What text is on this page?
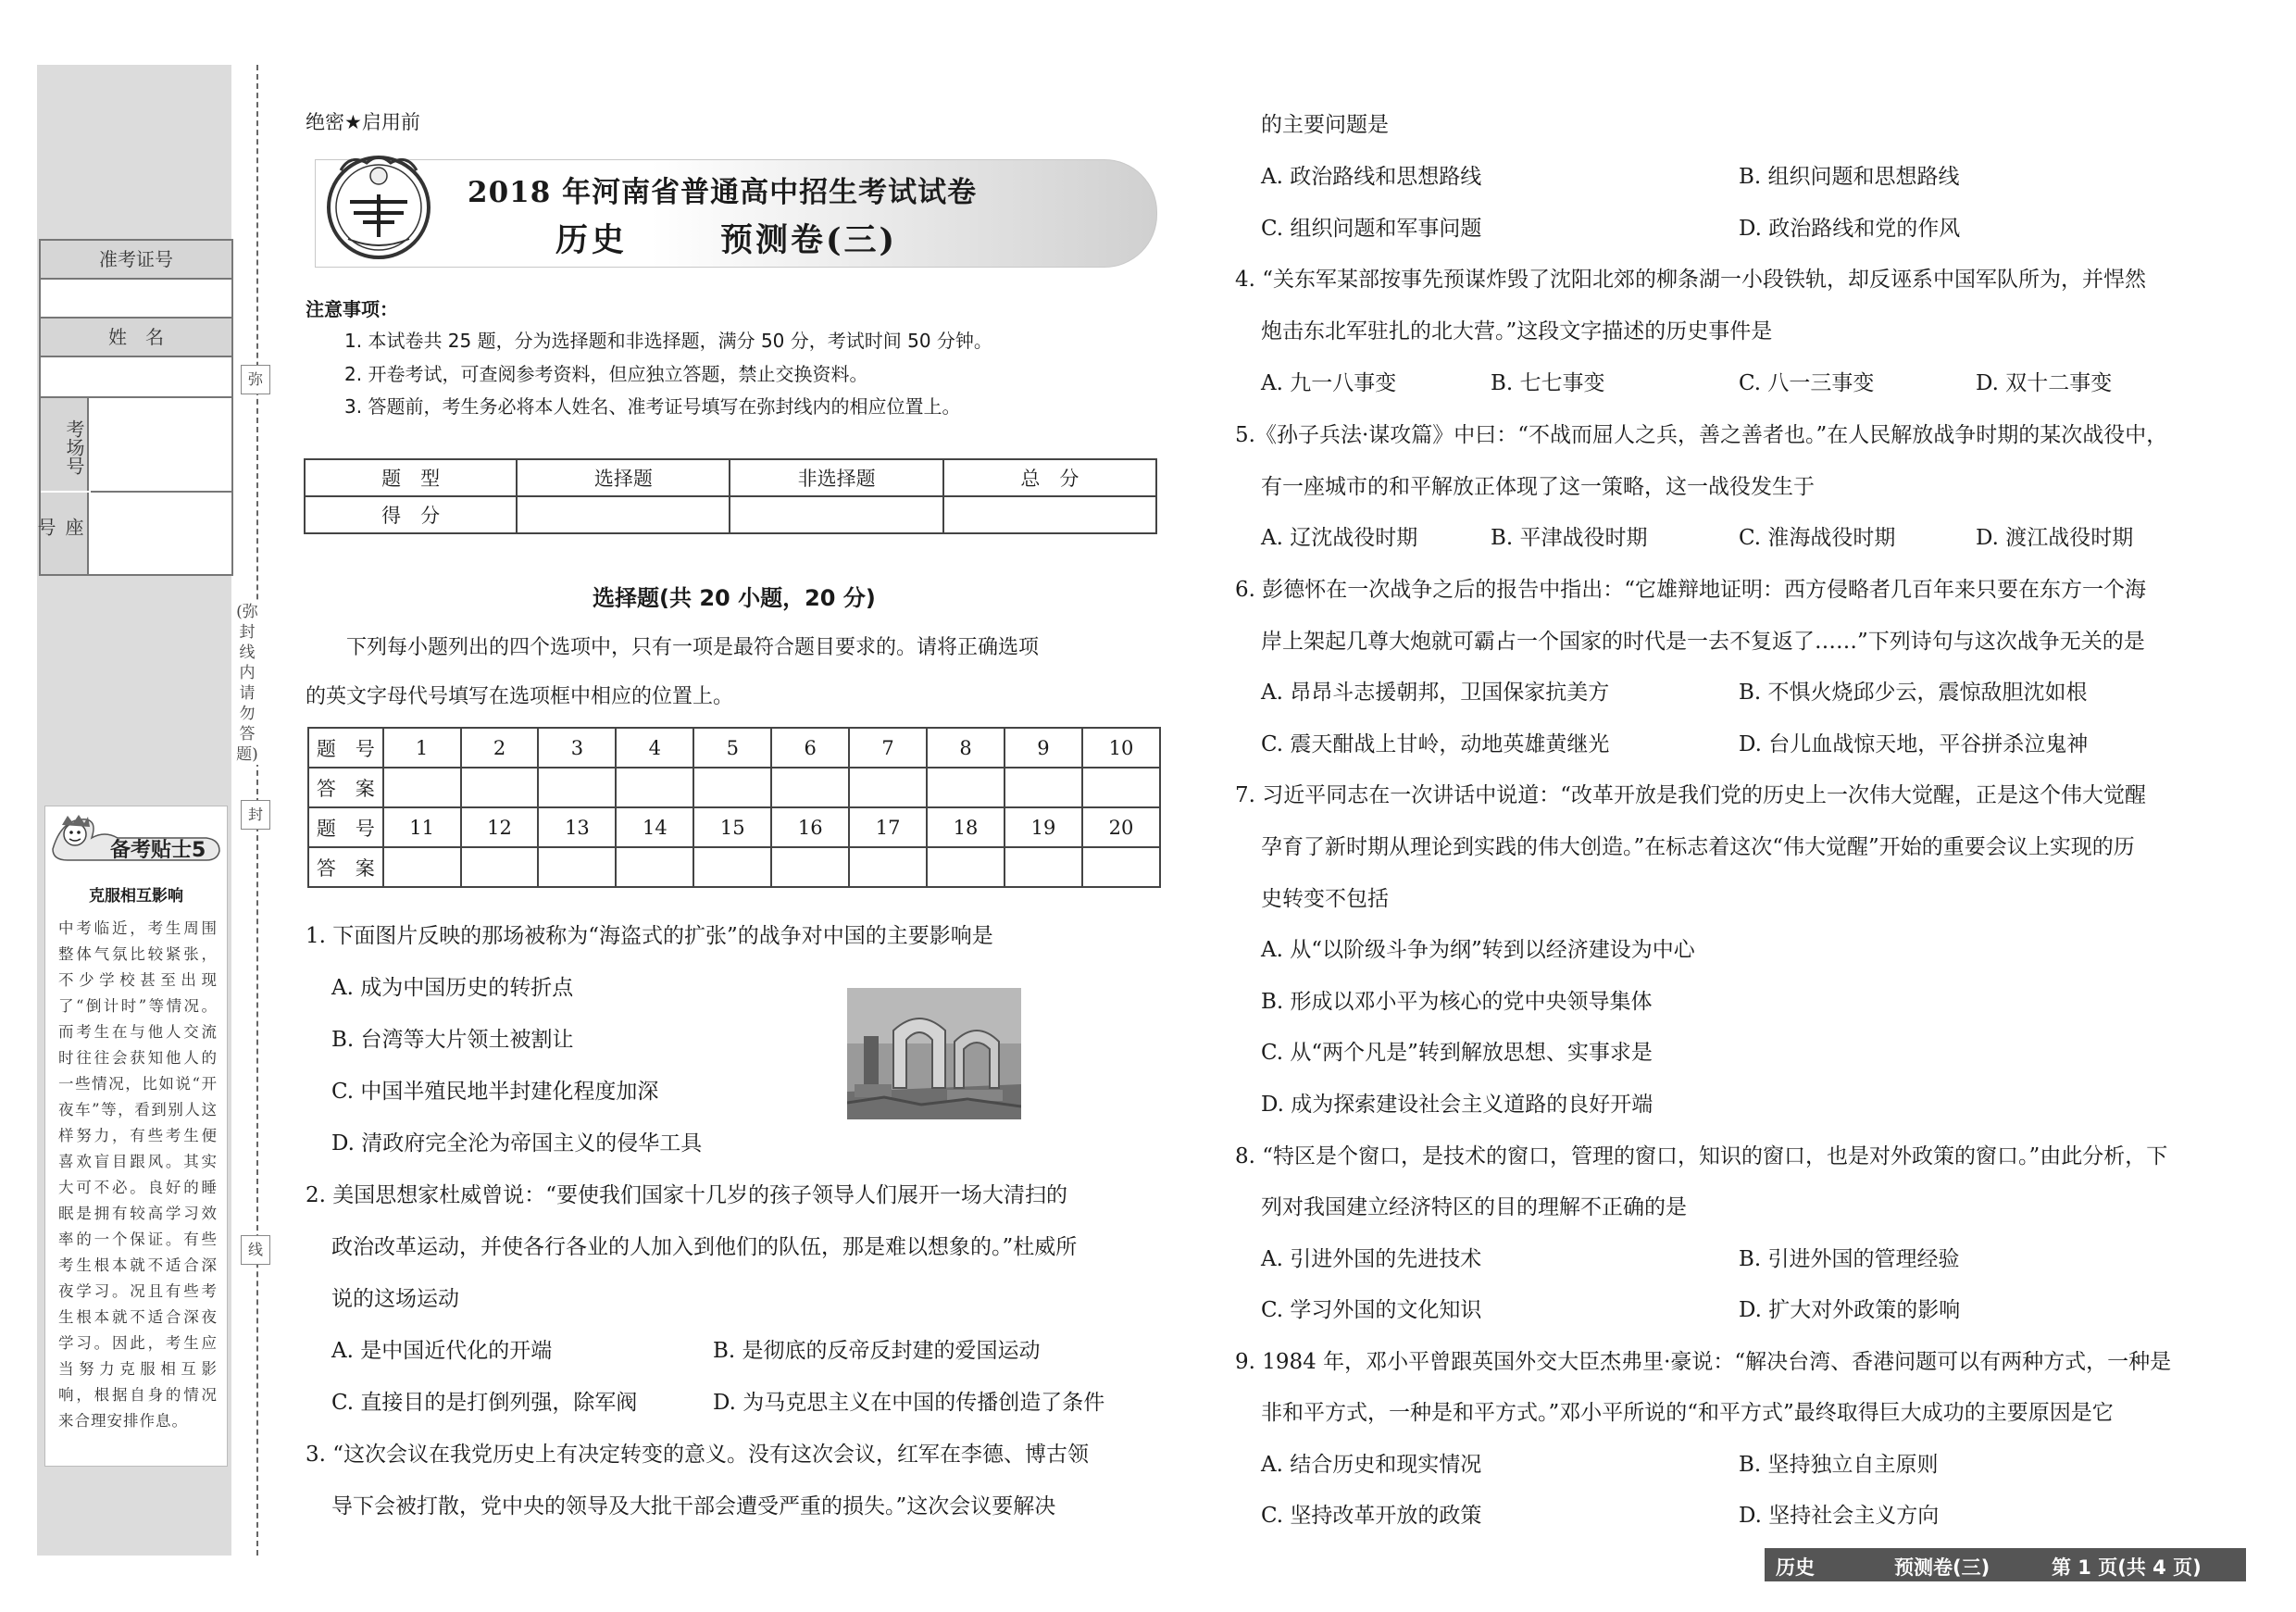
准考证号
姓　名
考场号
座号
备考贴士5
克服相互影响
中考临近，考生周围整体气氛比较紧张，不少学校甚至出现了“倒计时”等情况。而考生在与他人交流时往往会获知他人的一些情况，比如说“开夜车”等，看到别人这样努力，有些考生便喜欢盲目跟风。其实大可不必。良好的睡眠是拥有较高学习效率的一个保证。有些考生根本就不适合深夜学习。况且有些考生根本就不适合深夜学习。因此，考生应当努力克服相互影响，根据自身的情况来合理安排作息。
弥
封
线
(弥封线内请勿答题)
绝密★启用前
2018 年河南省普通高中招生考试试卷
历史	预测卷(三)
注意事项：
1. 本试卷共 25 题，分为选择题和非选择题，满分 50 分，考试时间 50 分钟。
2. 开卷考试，可查阅参考资料，但应独立答题，禁止交换资料。
3. 答题前，考生务必将本人姓名、准考证号填写在弥封线内的相应位置上。
题　型	选择题	非选择题	总　分
得　分			
选择题(共 20 小题，20 分)
下列每小题列出的四个选项中，只有一项是最符合题目要求的。请将正确选项
的英文字母代号填写在选项框中相应的位置上。
题　号	1	2	3	4	5	6	7	8	9	10
答　案										
题　号	11	12	13	14	15	16	17	18	19	20
答　案										
1. 下面图片反映的那场被称为“海盗式的扩张”的战争对中国的主要影响是
A. 成为中国历史的转折点
B. 台湾等大片领土被割让
C. 中国半殖民地半封建化程度加深
D. 清政府完全沦为帝国主义的侵华工具
2. 美国思想家杜威曾说：“要使我们国家十几岁的孩子领导人们展开一场大清扫的
政治改革运动，并使各行各业的人加入到他们的队伍，那是难以想象的。”杜威所
说的这场运动
A. 是中国近代化的开端	B. 是彻底的反帝反封建的爱国运动
C. 直接目的是打倒列强，除军阀	D. 为马克思主义在中国的传播创造了条件
3. “这次会议在我党历史上有决定转变的意义。没有这次会议，红军在李德、博古领
导下会被打散，党中央的领导及大批干部会遭受严重的损失。”这次会议要解决
的主要问题是
A. 政治路线和思想路线	B. 组织问题和思想路线
C. 组织问题和军事问题	D. 政治路线和党的作风
4. “关东军某部按事先预谋炸毁了沈阳北郊的柳条湖一小段铁轨，却反诬系中国军队所为，并悍然
炮击东北军驻扎的北大营。”这段文字描述的历史事件是
A. 九一八事变	B. 七七事变	C. 八一三事变	D. 双十二事变
5.《孙子兵法·谋攻篇》中曰：“不战而屈人之兵，善之善者也。”在人民解放战争时期的某次战役中，
有一座城市的和平解放正体现了这一策略，这一战役发生于
A. 辽沈战役时期	B. 平津战役时期	C. 淮海战役时期	D. 渡江战役时期
6. 彭德怀在一次战争之后的报告中指出：“它雄辩地证明：西方侵略者几百年来只要在东方一个海
岸上架起几尊大炮就可霸占一个国家的时代是一去不复返了……”下列诗句与这次战争无关的是
A. 昂昂斗志援朝邦，卫国保家抗美方	B. 不惧火烧邱少云，震惊敌胆沈如根
C. 震天酣战上甘岭，动地英雄黄继光	D. 台儿血战惊天地，平谷拼杀泣鬼神
7. 习近平同志在一次讲话中说道：“改革开放是我们党的历史上一次伟大觉醒，正是这个伟大觉醒
孕育了新时期从理论到实践的伟大创造。”在标志着这次“伟大觉醒”开始的重要会议上实现的历
史转变不包括
A. 从“以阶级斗争为纲”转到以经济建设为中心
B. 形成以邓小平为核心的党中央领导集体
C. 从“两个凡是”转到解放思想、实事求是
D. 成为探索建设社会主义道路的良好开端
8. “特区是个窗口，是技术的窗口，管理的窗口，知识的窗口，也是对外政策的窗口。”由此分析，下
列对我国建立经济特区的目的理解不正确的是
A. 引进外国的先进技术	B. 引进外国的管理经验
C. 学习外国的文化知识	D. 扩大对外政策的影响
9. 1984 年，邓小平曾跟英国外交大臣杰弗里·豪说：“解决台湾、香港问题可以有两种方式，一种是
非和平方式，一种是和平方式。”邓小平所说的“和平方式”最终取得巨大成功的主要原因是它
A. 结合历史和现实情况	B. 坚持独立自主原则
C. 坚持改革开放的政策	D. 坚持社会主义方向
历史	预测卷(三)	第 1 页(共 4 页)
